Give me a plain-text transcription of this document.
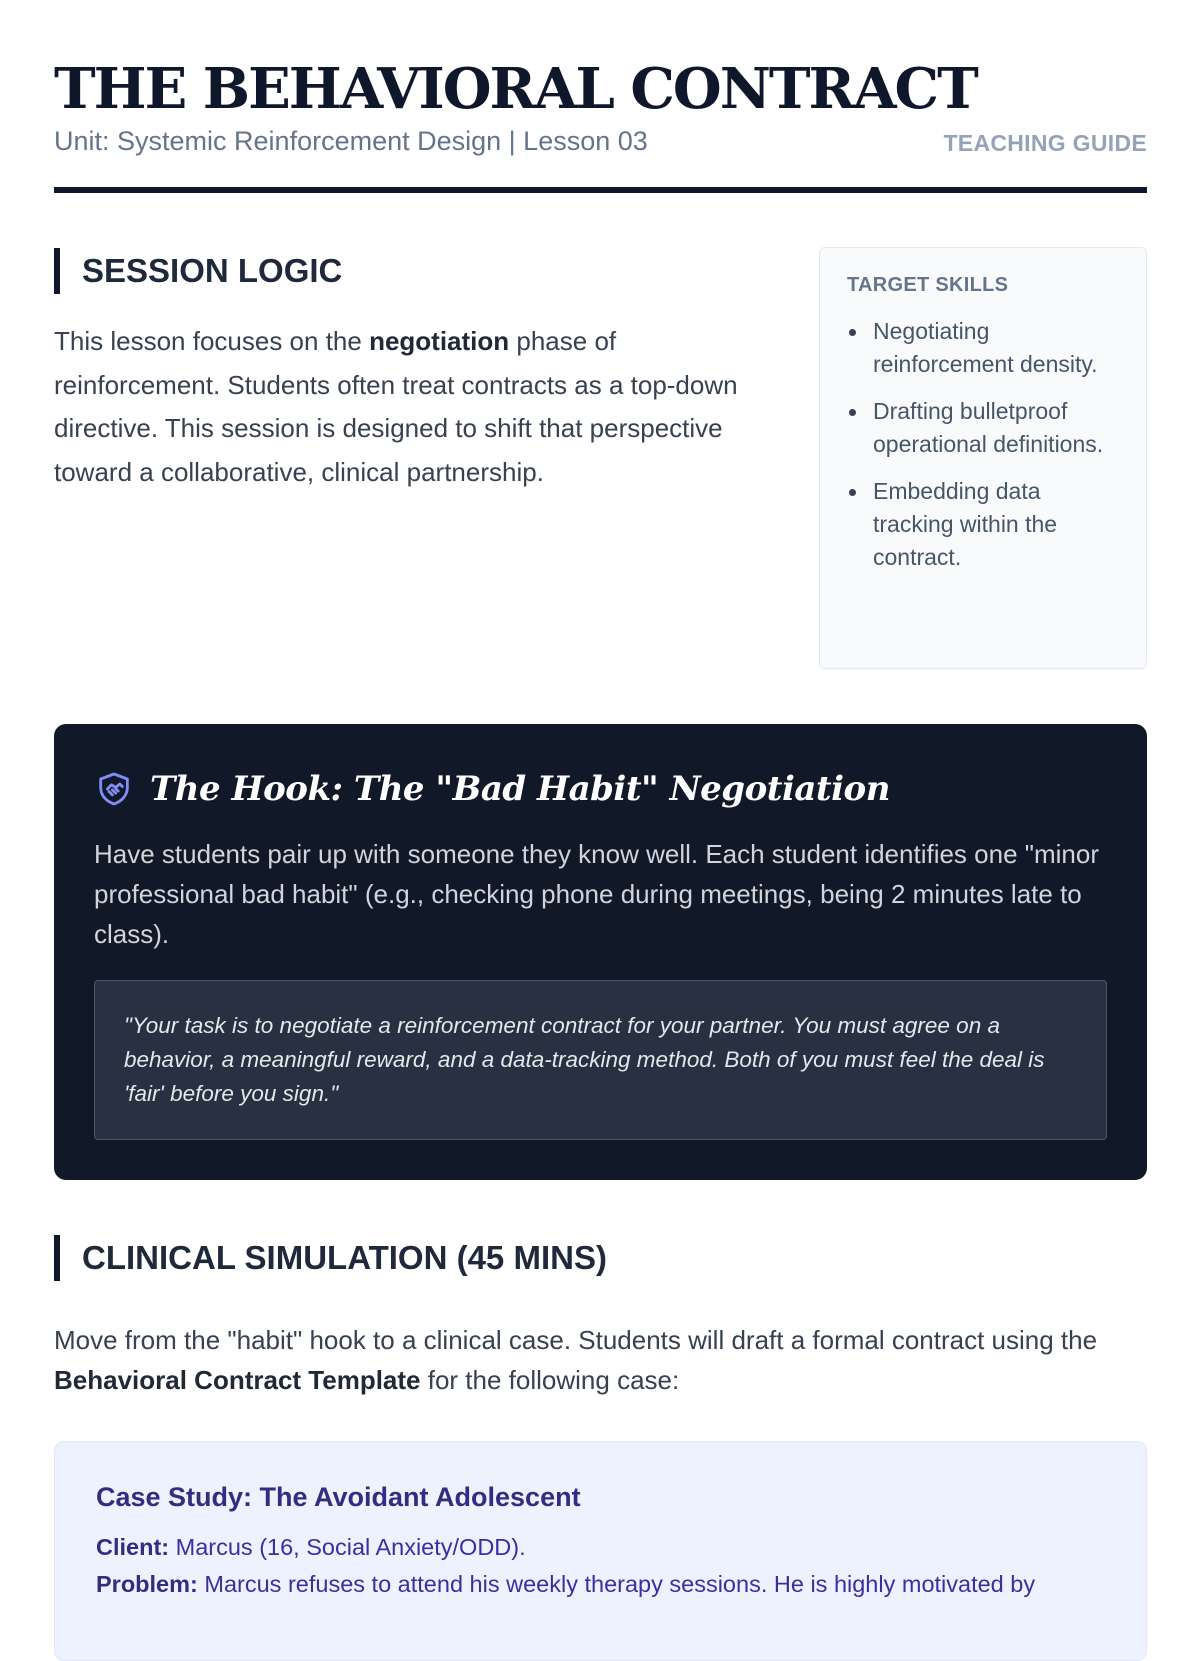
THE BEHAVIORAL CONTRACT
Unit: Systemic Reinforcement Design | Lesson 03	TEACHING GUIDE
SESSION LOGIC

This lesson focuses on the negotiation phase of reinforcement. Students often treat contracts as a top-down directive. This session is designed to shift that perspective toward a collaborative, clinical partnership.

TARGET SKILLS
Negotiating reinforcement density.
Drafting bulletproof operational definitions.
Embedding data tracking within the contract.
The Hook: The "Bad Habit" Negotiation
Have students pair up with someone they know well. Each student identifies one "minor professional bad habit" (e.g., checking phone during meetings, being 2 minutes late to class).
"Your task is to negotiate a reinforcement contract for your partner. You must agree on a behavior, a meaningful reward, and a data-tracking method. Both of you must feel the deal is 'fair' before you sign."
CLINICAL SIMULATION (45 MINS)

Move from the "habit" hook to a clinical case. Students will draft a formal contract using the Behavioral Contract Template for the following case:

Case Study: The Avoidant Adolescent
Client: Marcus (16, Social Anxiety/ODD).
Problem: Marcus refuses to attend his weekly therapy sessions. He is highly motivated by
